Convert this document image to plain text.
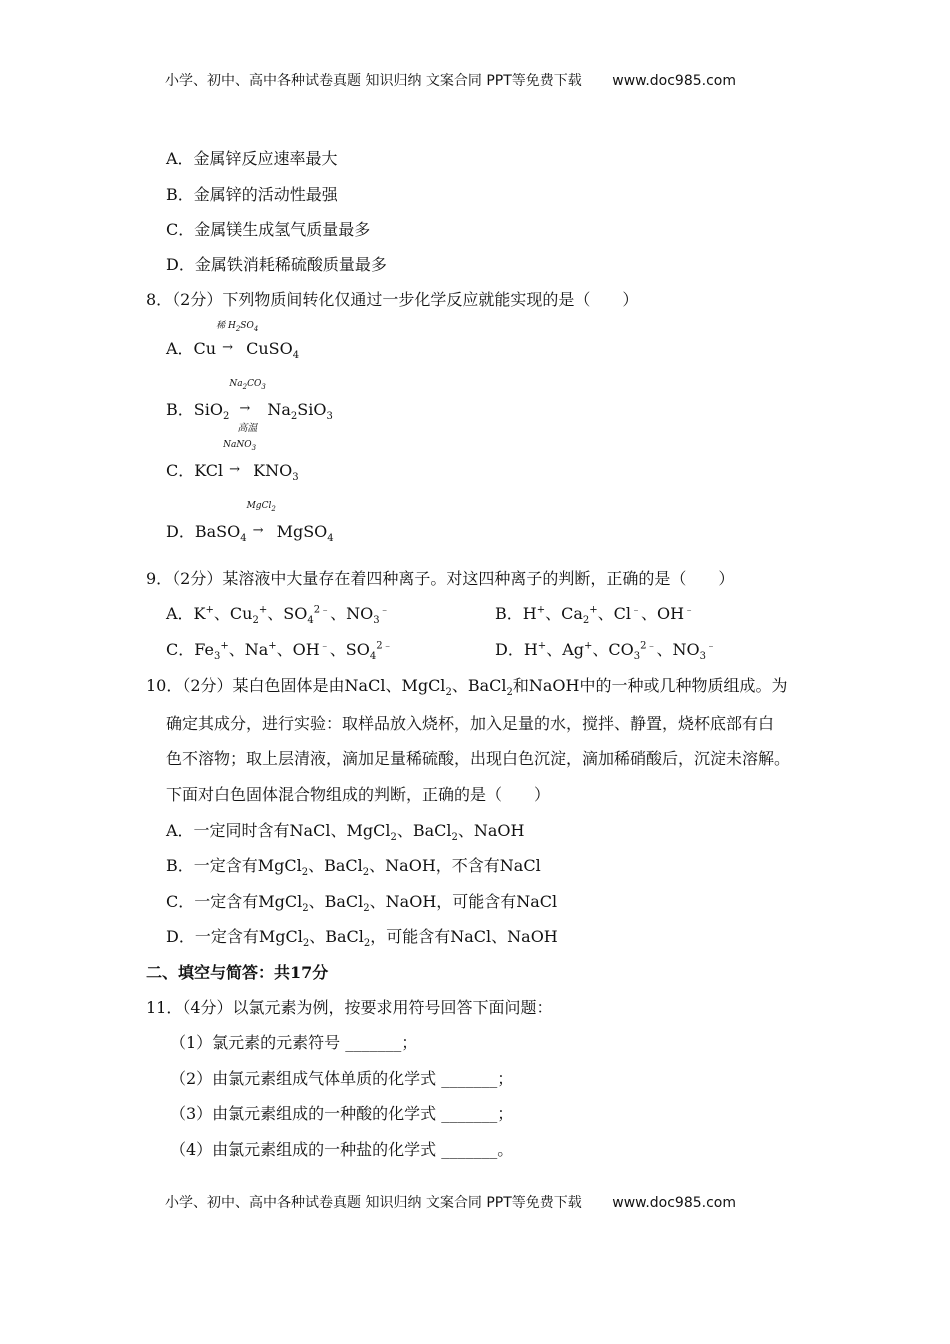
小学、初中、高中各种试卷真题 知识归纳 文案合同 PPT等免费下载 www.doc985.com
A．金属锌反应速率最大
B．金属锌的活动性最强
C．金属镁生成氢气质量最多
D．金属铁消耗稀硫酸质量最多
8．（2分）下列物质间转化仅通过一步化学反应就能实现的是（　　）
A．Cu
稀 $H_2SO_4$
→ CuSO$_4$
B．SiO$_2$
$Na_2CO_3$
→
高温
$Na_2SiO_3$
C．KCl
NaNO$_3$
→ $KNO_3$
D．BaSO$_4$
MgCl$_2$
→ MgSO$_4$
9．（2分）某溶液中大量存在着四种离子。对这四种离子的判断，正确的是（　　）
A．K+、$Cu_2^+$、$SO_4^{2﹣}$、$NO_3^﹣$	B．H+、$Ca_2^+$、Cl﹣、OH﹣
C．$Fe_3^+$、Na+、OH﹣、$SO_4^{2﹣}$	D．H+、Ag+、$CO_3^{2﹣}$、$NO_3^﹣$
10．（2分）某白色固体是由NaCl、MgCl$_2$、BaCl$_2$和NaOH中的一种或几种物质组成。为
确定其成分，进行实验：取样品放入烧杯，加入足量的水，搅拌、静置，烧杯底部有白
色不溶物；取上层清液，滴加足量稀硫酸，出现白色沉淀，滴加稀硝酸后，沉淀未溶解。
下面对白色固体混合物组成的判断，正确的是（　　）
A．一定同时含有NaCl、MgCl$_2$、BaCl$_2$、NaOH
B．一定含有MgCl$_2$、BaCl$_2$、NaOH，不含有NaCl
C．一定含有MgCl$_2$、BaCl$_2$、NaOH，可能含有NaCl
D．一定含有MgCl$_2$、BaCl$_2$，可能含有NaCl、NaOH
二、填空与简答：共17分
11．（4分）以氯元素为例，按要求用符号回答下面问题：
（1）氯元素的元素符号 _______；
（2）由氯元素组成气体单质的化学式 _______；
（3）由氯元素组成的一种酸的化学式 _______；
（4）由氯元素组成的一种盐的化学式 _______。
小学、初中、高中各种试卷真题 知识归纳 文案合同 PPT等免费下载 www.doc985.com
